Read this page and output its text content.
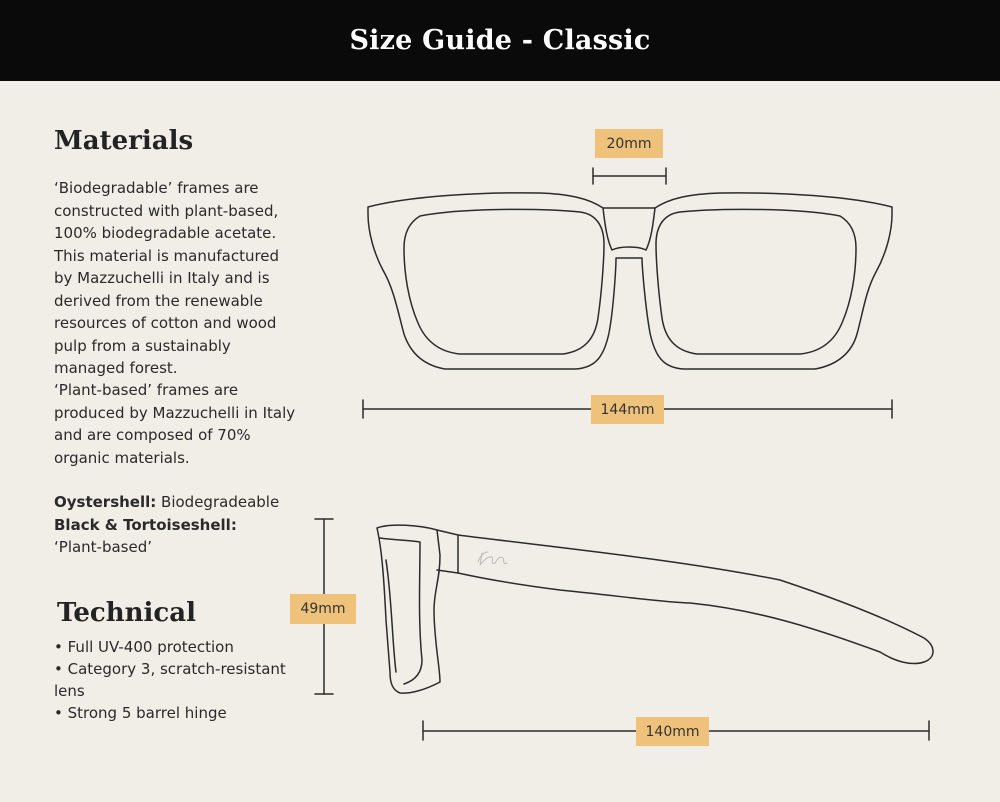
Size Guide - Classic
Materials

‘Biodegradable’ frames are constructed with plant-based, 100% biodegradable acetate. This material is manufactured by Mazzuchelli in Italy and is derived from the renewable resources of cotton and wood pulp from a sustainably managed forest.

‘Plant-based’ frames are produced by Mazzuchelli in Italy and are composed of 70% organic materials.

Oystershell: Biodegradeable
Black & Tortoiseshell:
‘Plant-based’

Technical
• Full UV-400 protection
• Category 3, scratch-resistant lens
• Strong 5 barrel hinge
20mm
144mm
49mm
140mm
